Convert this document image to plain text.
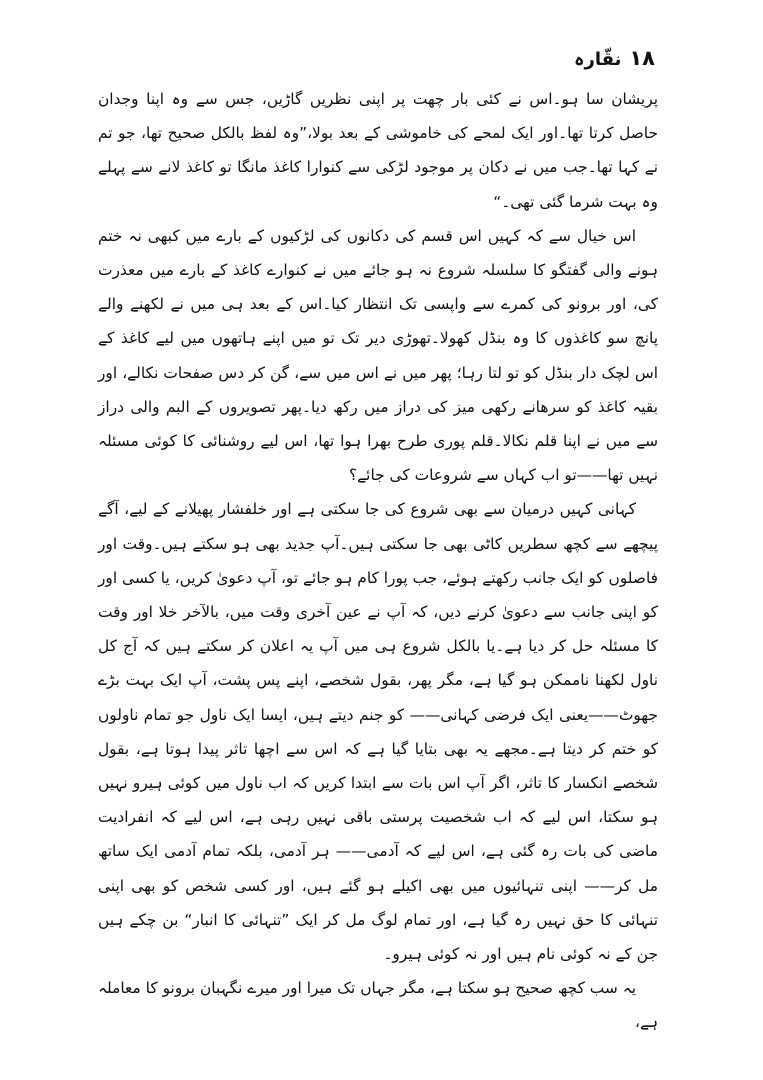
۱۸
نقّارہ

پریشان سا ہو۔اس نے کئی بار چھت پر اپنی نظریں گاڑیں، جس سے وہ اپنا وجدان حاصل کرتا تھا۔اور ایک لمحے کی خاموشی کے بعد بولا،”وہ لفظ بالکل صحیح تھا، جو تم نے کہا تھا۔جب میں نے دکان پر موجود لڑکی سے کنوارا کاغذ مانگا تو کاغذ لانے سے پہلے وہ بہت شرما گئی تھی۔“

اس خیال سے کہ کہیں اس قسم کی دکانوں کی لڑکیوں کے بارے میں کبھی نہ ختم ہونے والی گفتگو کا سلسلہ شروع نہ ہو جائے میں نے کنوارے کاغذ کے بارے میں معذرت کی، اور برونو کی کمرے سے واپسی تک انتظار کیا۔اس کے بعد ہی میں نے لکھنے والے پانچ سو کاغذوں کا وہ بنڈل کھولا۔تھوڑی دیر تک تو میں اپنے ہاتھوں میں لیے کاغذ کے اس لچک دار بنڈل کو تو لتا رہا؛ پھر میں نے اس میں سے، گن کر دس صفحات نکالے، اور بقیہ کاغذ کو سرھانے رکھی میز کی دراز میں رکھ دیا۔پھر تصویروں کے البم والی دراز سے میں نے اپنا قلم نکالا۔قلم پوری طرح بھرا ہوا تھا، اس لیے روشنائی کا کوئی مسئلہ نہیں تھا——تو اب کہاں سے شروعات کی جائے؟

کہانی کہیں درمیان سے بھی شروع کی جا سکتی ہے اور خلفشار پھیلانے کے لیے، آگے پیچھے سے کچھ سطریں کاٹی بھی جا سکتی ہیں۔آپ جدید بھی ہو سکتے ہیں۔وقت اور فاصلوں کو ایک جانب رکھتے ہوئے، جب پورا کام ہو جائے تو، آپ دعویٰ کریں، یا کسی اور کو اپنی جانب سے دعویٰ کرنے دیں، کہ آپ نے عین آخری وقت میں، بالآخر خلا اور وقت کا مسئلہ حل کر دیا ہے۔یا بالکل شروع ہی میں آپ یہ اعلان کر سکتے ہیں کہ آج کل ناول لکھنا ناممکن ہو گیا ہے، مگر پھر، بقول شخصے، اپنے پس پشت، آپ ایک بہت بڑے جھوٹ——یعنی ایک فرضی کہانی—— کو جنم دیتے ہیں، ایسا ایک ناول جو تمام ناولوں کو ختم کر دیتا ہے۔مجھے یہ بھی بتایا گیا ہے کہ اس سے اچھا تاثر پیدا ہوتا ہے، بقول شخصے انکسار کا تاثر، اگر آپ اس بات سے ابتدا کریں کہ اب ناول میں کوئی ہیرو نہیں ہو سکتا، اس لیے کہ اب شخصیت پرستی باقی نہیں رہی ہے، اس لیے کہ انفرادیت ماضی کی بات رہ گئی ہے، اس لیے کہ آدمی—— ہر آدمی، بلکہ تمام آدمی ایک ساتھ مل کر—— اپنی تنہائیوں میں بھی اکیلے ہو گئے ہیں، اور کسی شخص کو بھی اپنی تنہائی کا حق نہیں رہ گیا ہے، اور تمام لوگ مل کر ایک ”تنہائی کا انبار“ بن چکے ہیں جن کے نہ کوئی نام ہیں اور نہ کوئی ہیرو۔

یہ سب کچھ صحیح ہو سکتا ہے، مگر جہاں تک میرا اور میرے نگہبان برونو کا معاملہ ہے،
